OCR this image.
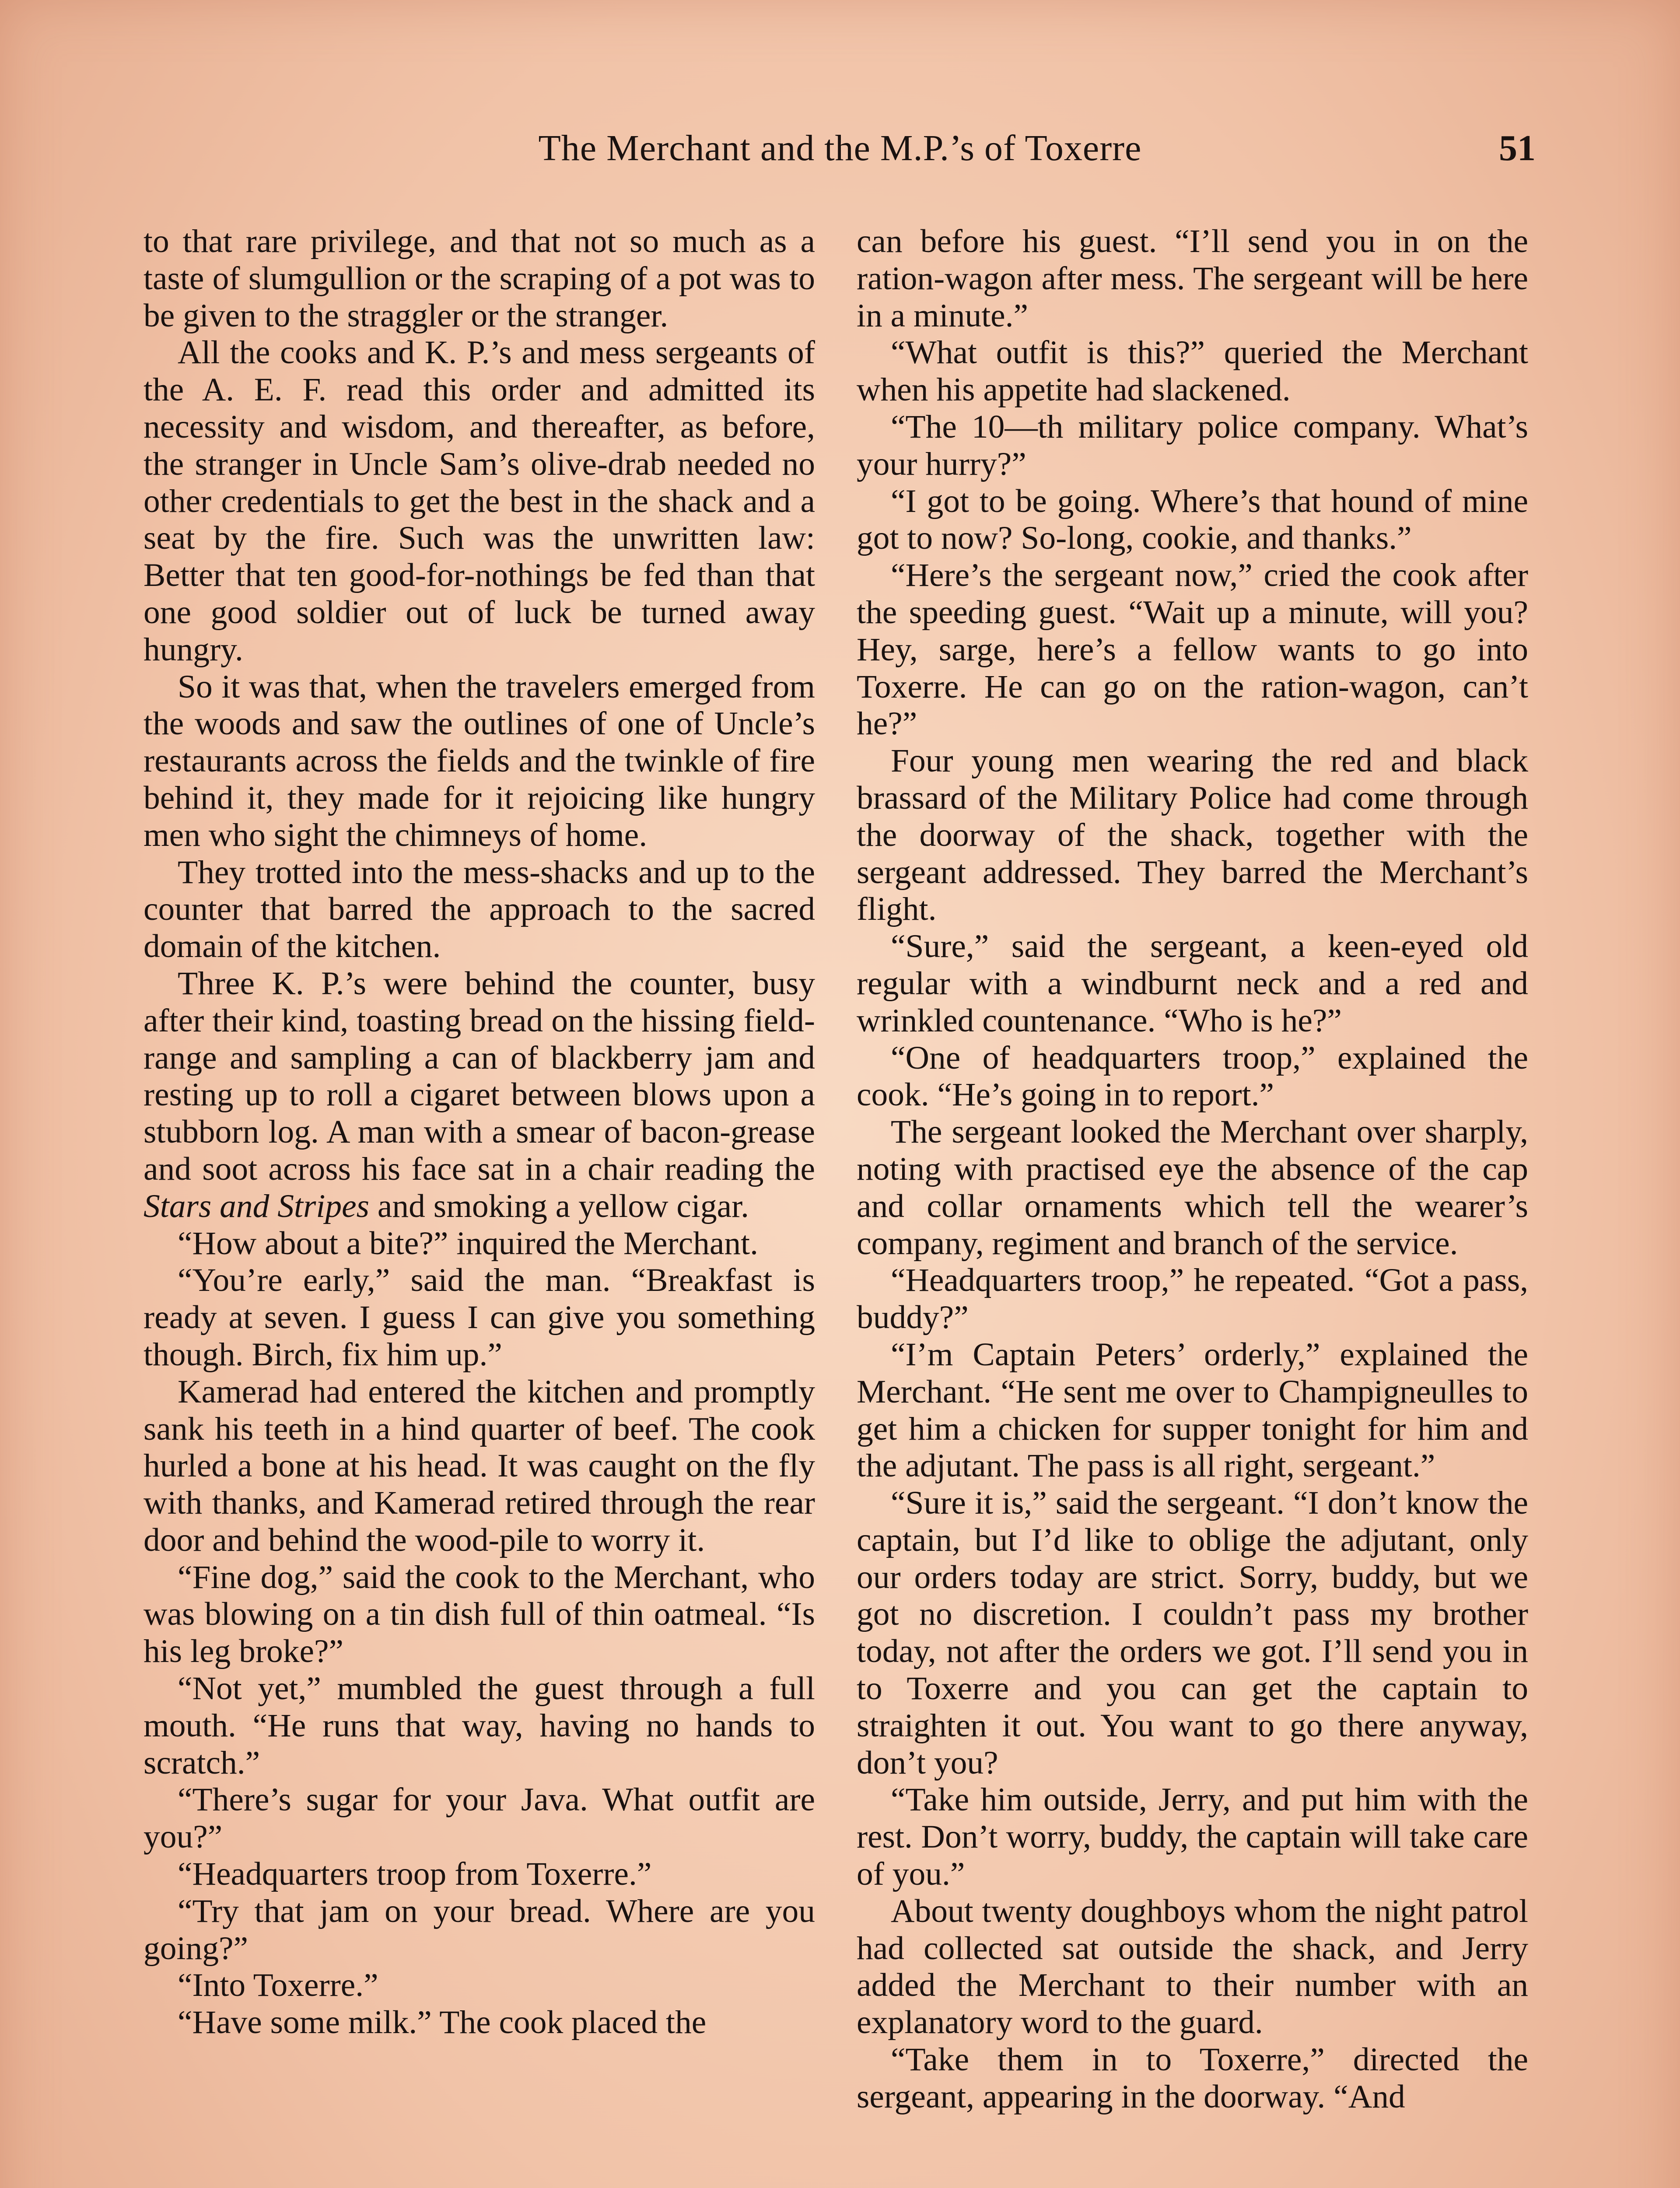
The Merchant and the M.P.’s of Toxerre	51

to that rare privilege, and that not so much as a taste of slumgullion or the scraping of a pot was to be given to the straggler or the stranger.

All the cooks and K. P.’s and mess sergeants of the A. E. F. read this order and admitted its necessity and wisdom, and thereafter, as before, the stranger in Uncle Sam’s olive-drab needed no other credentials to get the best in the shack and a seat by the fire. Such was the unwritten law: Better that ten good-for-nothings be fed than that one good soldier out of luck be turned away hungry.

So it was that, when the travelers emerged from the woods and saw the outlines of one of Uncle’s restaurants across the fields and the twinkle of fire behind it, they made for it rejoicing like hungry men who sight the chimneys of home.

They trotted into the mess-shacks and up to the counter that barred the approach to the sacred domain of the kitchen.

Three K. P.’s were behind the counter, busy after their kind, toasting bread on the hissing field-range and sampling a can of blackberry jam and resting up to roll a cigaret between blows upon a stubborn log. A man with a smear of bacon-grease and soot across his face sat in a chair reading the Stars and Stripes and smoking a yellow cigar.

“How about a bite?” inquired the Merchant.

“You’re early,” said the man. “Breakfast is ready at seven. I guess I can give you something though. Birch, fix him up.”

Kamerad had entered the kitchen and promptly sank his teeth in a hind quarter of beef. The cook hurled a bone at his head. It was caught on the fly with thanks, and Kamerad retired through the rear door and behind the wood-pile to worry it.

“Fine dog,” said the cook to the Merchant, who was blowing on a tin dish full of thin oatmeal. “Is his leg broke?”

“Not yet,” mumbled the guest through a full mouth. “He runs that way, having no hands to scratch.”

“There’s sugar for your Java. What outfit are you?”

“Headquarters troop from Toxerre.”

“Try that jam on your bread. Where are you going?”

“Into Toxerre.”

“Have some milk.” The cook placed the

can before his guest. “I’ll send you in on the ration-wagon after mess. The sergeant will be here in a minute.”

“What outfit is this?” queried the Merchant when his appetite had slackened.

“The 10—th military police company. What’s your hurry?”

“I got to be going. Where’s that hound of mine got to now? So-long, cookie, and thanks.”

“Here’s the sergeant now,” cried the cook after the speeding guest. “Wait up a minute, will you? Hey, sarge, here’s a fellow wants to go into Toxerre. He can go on the ration-wagon, can’t he?”

Four young men wearing the red and black brassard of the Military Police had come through the doorway of the shack, together with the sergeant addressed. They barred the Merchant’s flight.

“Sure,” said the sergeant, a keen-eyed old regular with a windburnt neck and a red and wrinkled countenance. “Who is he?”

“One of headquarters troop,” explained the cook. “He’s going in to report.”

The sergeant looked the Merchant over sharply, noting with practised eye the absence of the cap and collar ornaments which tell the wearer’s company, regiment and branch of the service.

“Headquarters troop,” he repeated. “Got a pass, buddy?”

“I’m Captain Peters’ orderly,” explained the Merchant. “He sent me over to Champigneulles to get him a chicken for supper tonight for him and the adjutant. The pass is all right, sergeant.”

“Sure it is,” said the sergeant. “I don’t know the captain, but I’d like to oblige the adjutant, only our orders today are strict. Sorry, buddy, but we got no discretion. I couldn’t pass my brother today, not after the orders we got. I’ll send you in to Toxerre and you can get the captain to straighten it out. You want to go there anyway, don’t you?

“Take him outside, Jerry, and put him with the rest. Don’t worry, buddy, the captain will take care of you.”

About twenty doughboys whom the night patrol had collected sat outside the shack, and Jerry added the Merchant to their number with an explanatory word to the guard.

“Take them in to Toxerre,” directed the sergeant, appearing in the doorway. “And
